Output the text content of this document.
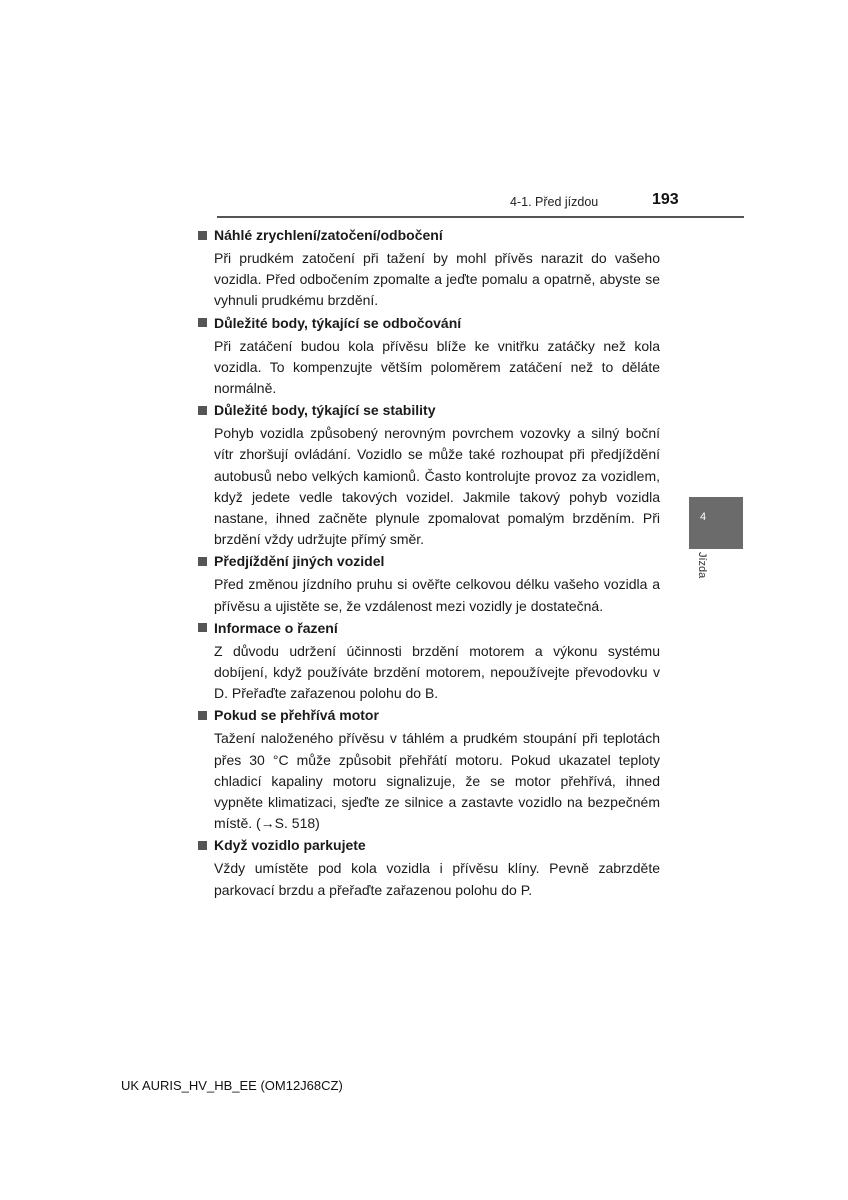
4-1. Před jízdou	193
Náhlé zrychlení/zatočení/odbočení

Při prudkém zatočení při tažení by mohl přívěs narazit do vašeho vozidla. Před odbočením zpomalte a jeďte pomalu a opatrně, abyste se vyhnuli prudkému brzdění.

Důležité body, týkající se odbočování

Při zatáčení budou kola přívěsu blíže ke vnitřku zatáčky než kola vozidla. To kompenzujte větším poloměrem zatáčení než to děláte normálně.

Důležité body, týkající se stability

Pohyb vozidla způsobený nerovným povrchem vozovky a silný boční vítr zhoršují ovládání. Vozidlo se může také rozhoupat při předjíždění autobusů nebo velkých kamionů. Často kontrolujte provoz za vozidlem, když jedete vedle takových vozidel. Jakmile takový pohyb vozidla nastane, ihned začněte plynule zpomalovat pomalým brzděním. Při brzdění vždy udržujte přímý směr.

Předjíždění jiných vozidel

Před změnou jízdního pruhu si ověřte celkovou délku vašeho vozidla a přívěsu a ujistěte se, že vzdálenost mezi vozidly je dostatečná.

Informace o řazení

Z důvodu udržení účinnosti brzdění motorem a výkonu systému dobíjení, když používáte brzdění motorem, nepoužívejte převodovku v D. Přeřaďte zařazenou polohu do B.

Pokud se přehřívá motor

Tažení naloženého přívěsu v táhlém a prudkém stoupání při teplotách přes 30 °C může způsobit přehřátí motoru. Pokud ukazatel teploty chladicí kapaliny motoru signalizuje, že se motor přehřívá, ihned vypněte klimatizaci, sjeďte ze silnice a zastavte vozidlo na bezpečném místě. (→S. 518)

Když vozidlo parkujete

Vždy umístěte pod kola vozidla i přívěsu klíny. Pevně zabrzděte parkovací brzdu a přeřaďte zařazenou polohu do P.

4
Jízda
UK AURIS_HV_HB_EE (OM12J68CZ)
